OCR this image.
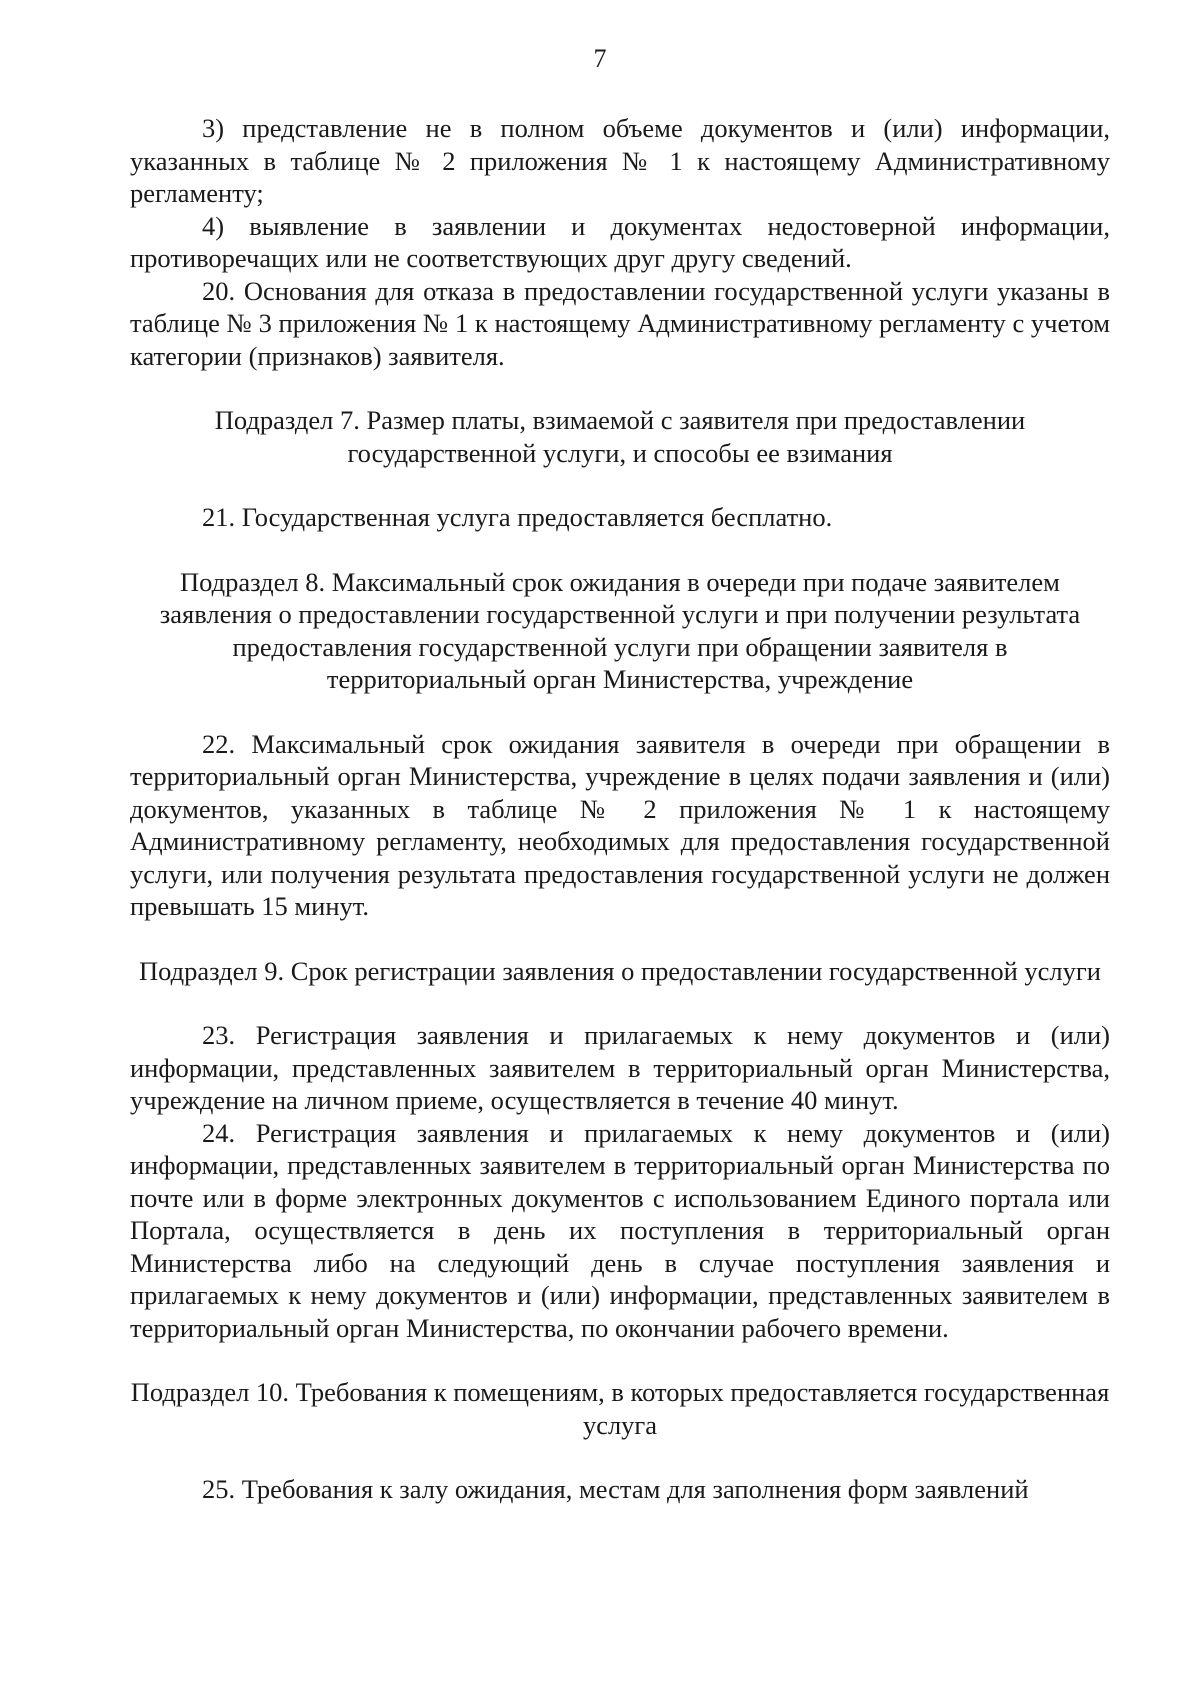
7

3) представление не в полном объеме документов и (или) информации, указанных в таблице № 2 приложения № 1 к настоящему Административному регламенту;

4) выявление в заявлении и документах недостоверной информации, противоречащих или не соответствующих друг другу сведений.

20. Основания для отказа в предоставлении государственной услуги указаны в таблице № 3 приложения № 1 к настоящему Административному регламенту с учетом категории (признаков) заявителя.

Подраздел 7. Размер платы, взимаемой с заявителя при предоставлении государственной услуги, и способы ее взимания

21. Государственная услуга предоставляется бесплатно.

Подраздел 8. Максимальный срок ожидания в очереди при подаче заявителем заявления о предоставлении государственной услуги и при получении результата предоставления государственной услуги при обращении заявителя в территориальный орган Министерства, учреждение

22. Максимальный срок ожидания заявителя в очереди при обращении в территориальный орган Министерства, учреждение в целях подачи заявления и (или) документов, указанных в таблице № 2 приложения № 1 к настоящему Административному регламенту, необходимых для предоставления государственной услуги, или получения результата предоставления государственной услуги не должен превышать 15 минут.

Подраздел 9. Срок регистрации заявления о предоставлении государственной услуги

23. Регистрация заявления и прилагаемых к нему документов и (или) информации, представленных заявителем в территориальный орган Министерства, учреждение на личном приеме, осуществляется в течение 40 минут.

24. Регистрация заявления и прилагаемых к нему документов и (или) информации, представленных заявителем в территориальный орган Министерства по почте или в форме электронных документов с использованием Единого портала или Портала, осуществляется в день их поступления в территориальный орган Министерства либо на следующий день в случае поступления заявления и прилагаемых к нему документов и (или) информации, представленных заявителем в территориальный орган Министерства, по окончании рабочего времени.

Подраздел 10. Требования к помещениям, в которых предоставляется государственная услуга

25. Требования к залу ожидания, местам для заполнения форм заявлений
